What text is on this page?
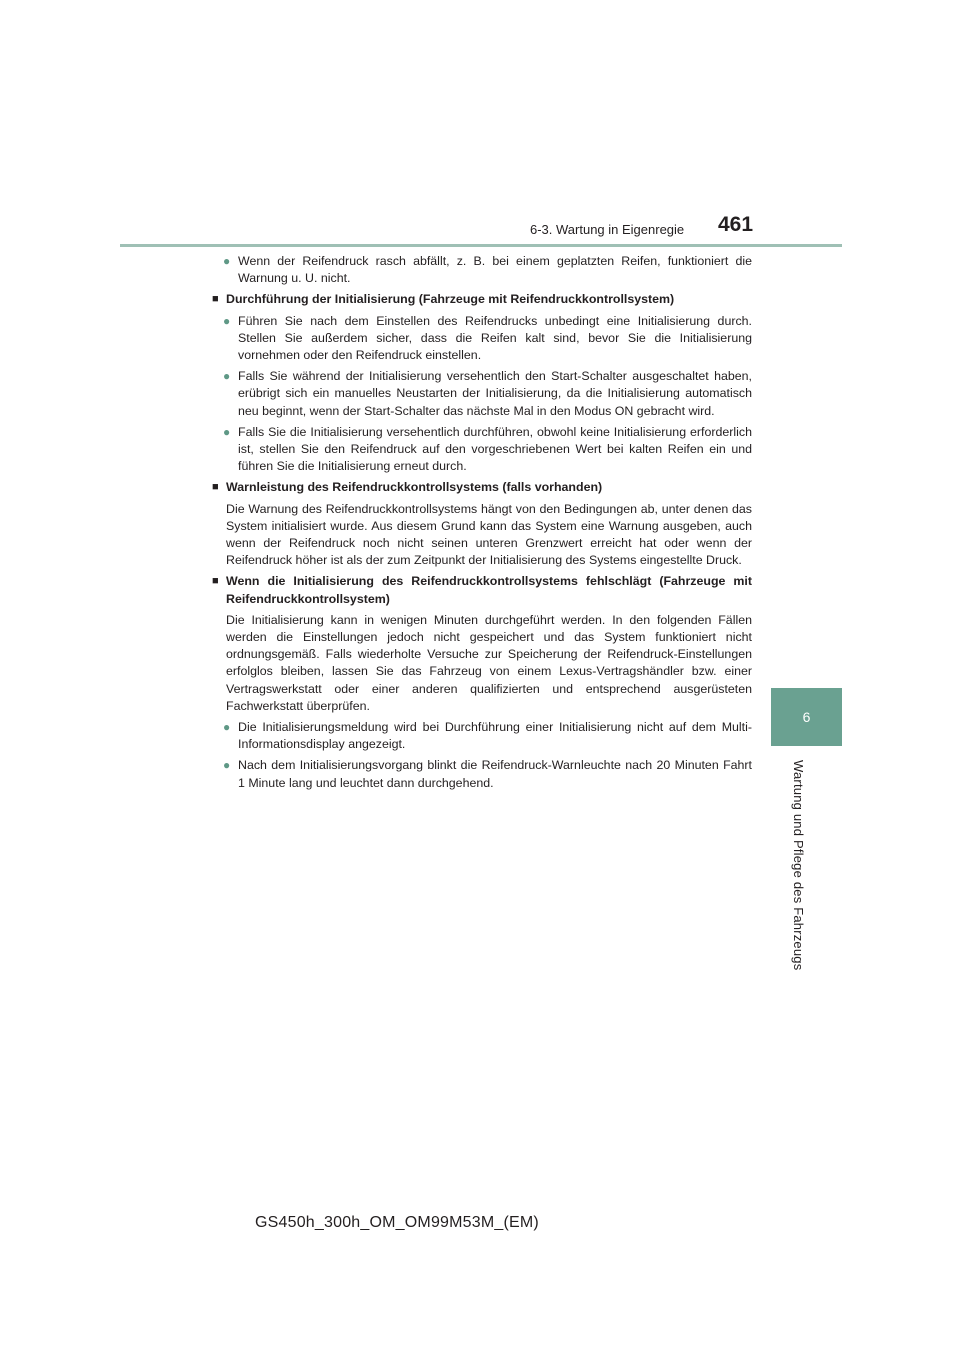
6-3. Wartung in Eigenregie 461
6
Wartung und Pflege des Fahrzeugs
● Wenn der Reifendruck rasch abfällt, z. B. bei einem geplatzten Reifen, funktioniert die Warnung u. U. nicht.
■ Durchführung der Initialisierung (Fahrzeuge mit Reifendruckkontrollsystem)
● Führen Sie nach dem Einstellen des Reifendrucks unbedingt eine Initialisierung durch. Stellen Sie außerdem sicher, dass die Reifen kalt sind, bevor Sie die Initialisierung vornehmen oder den Reifendruck einstellen.
● Falls Sie während der Initialisierung versehentlich den Start-Schalter ausgeschaltet haben, erübrigt sich ein manuelles Neustarten der Initialisierung, da die Initialisierung automatisch neu beginnt, wenn der Start-Schalter das nächste Mal in den Modus ON gebracht wird.
● Falls Sie die Initialisierung versehentlich durchführen, obwohl keine Initialisierung erforderlich ist, stellen Sie den Reifendruck auf den vorgeschriebenen Wert bei kalten Reifen ein und führen Sie die Initialisierung erneut durch.
■ Warnleistung des Reifendruckkontrollsystems (falls vorhanden)
Die Warnung des Reifendruckkontrollsystems hängt von den Bedingungen ab, unter denen das System initialisiert wurde. Aus diesem Grund kann das System eine Warnung ausgeben, auch wenn der Reifendruck noch nicht seinen unteren Grenzwert erreicht hat oder wenn der Reifendruck höher ist als der zum Zeitpunkt der Initialisierung des Systems eingestellte Druck.
■ Wenn die Initialisierung des Reifendruckkontrollsystems fehlschlägt (Fahrzeuge mit Reifendruckkontrollsystem)
Die Initialisierung kann in wenigen Minuten durchgeführt werden. In den folgenden Fällen werden die Einstellungen jedoch nicht gespeichert und das System funktioniert nicht ordnungsgemäß. Falls wiederholte Versuche zur Speicherung der Reifendruck-Einstellungen erfolglos bleiben, lassen Sie das Fahrzeug von einem Lexus-Vertragshändler bzw. einer Vertragswerkstatt oder einer anderen qualifizierten und entsprechend ausgerüsteten Fachwerkstatt überprüfen.
● Die Initialisierungsmeldung wird bei Durchführung einer Initialisierung nicht auf dem Multi-Informationsdisplay angezeigt.
● Nach dem Initialisierungsvorgang blinkt die Reifendruck-Warnleuchte nach 20 Minuten Fahrt 1 Minute lang und leuchtet dann durchgehend.
GS450h_300h_OM_OM99M53M_(EM)
